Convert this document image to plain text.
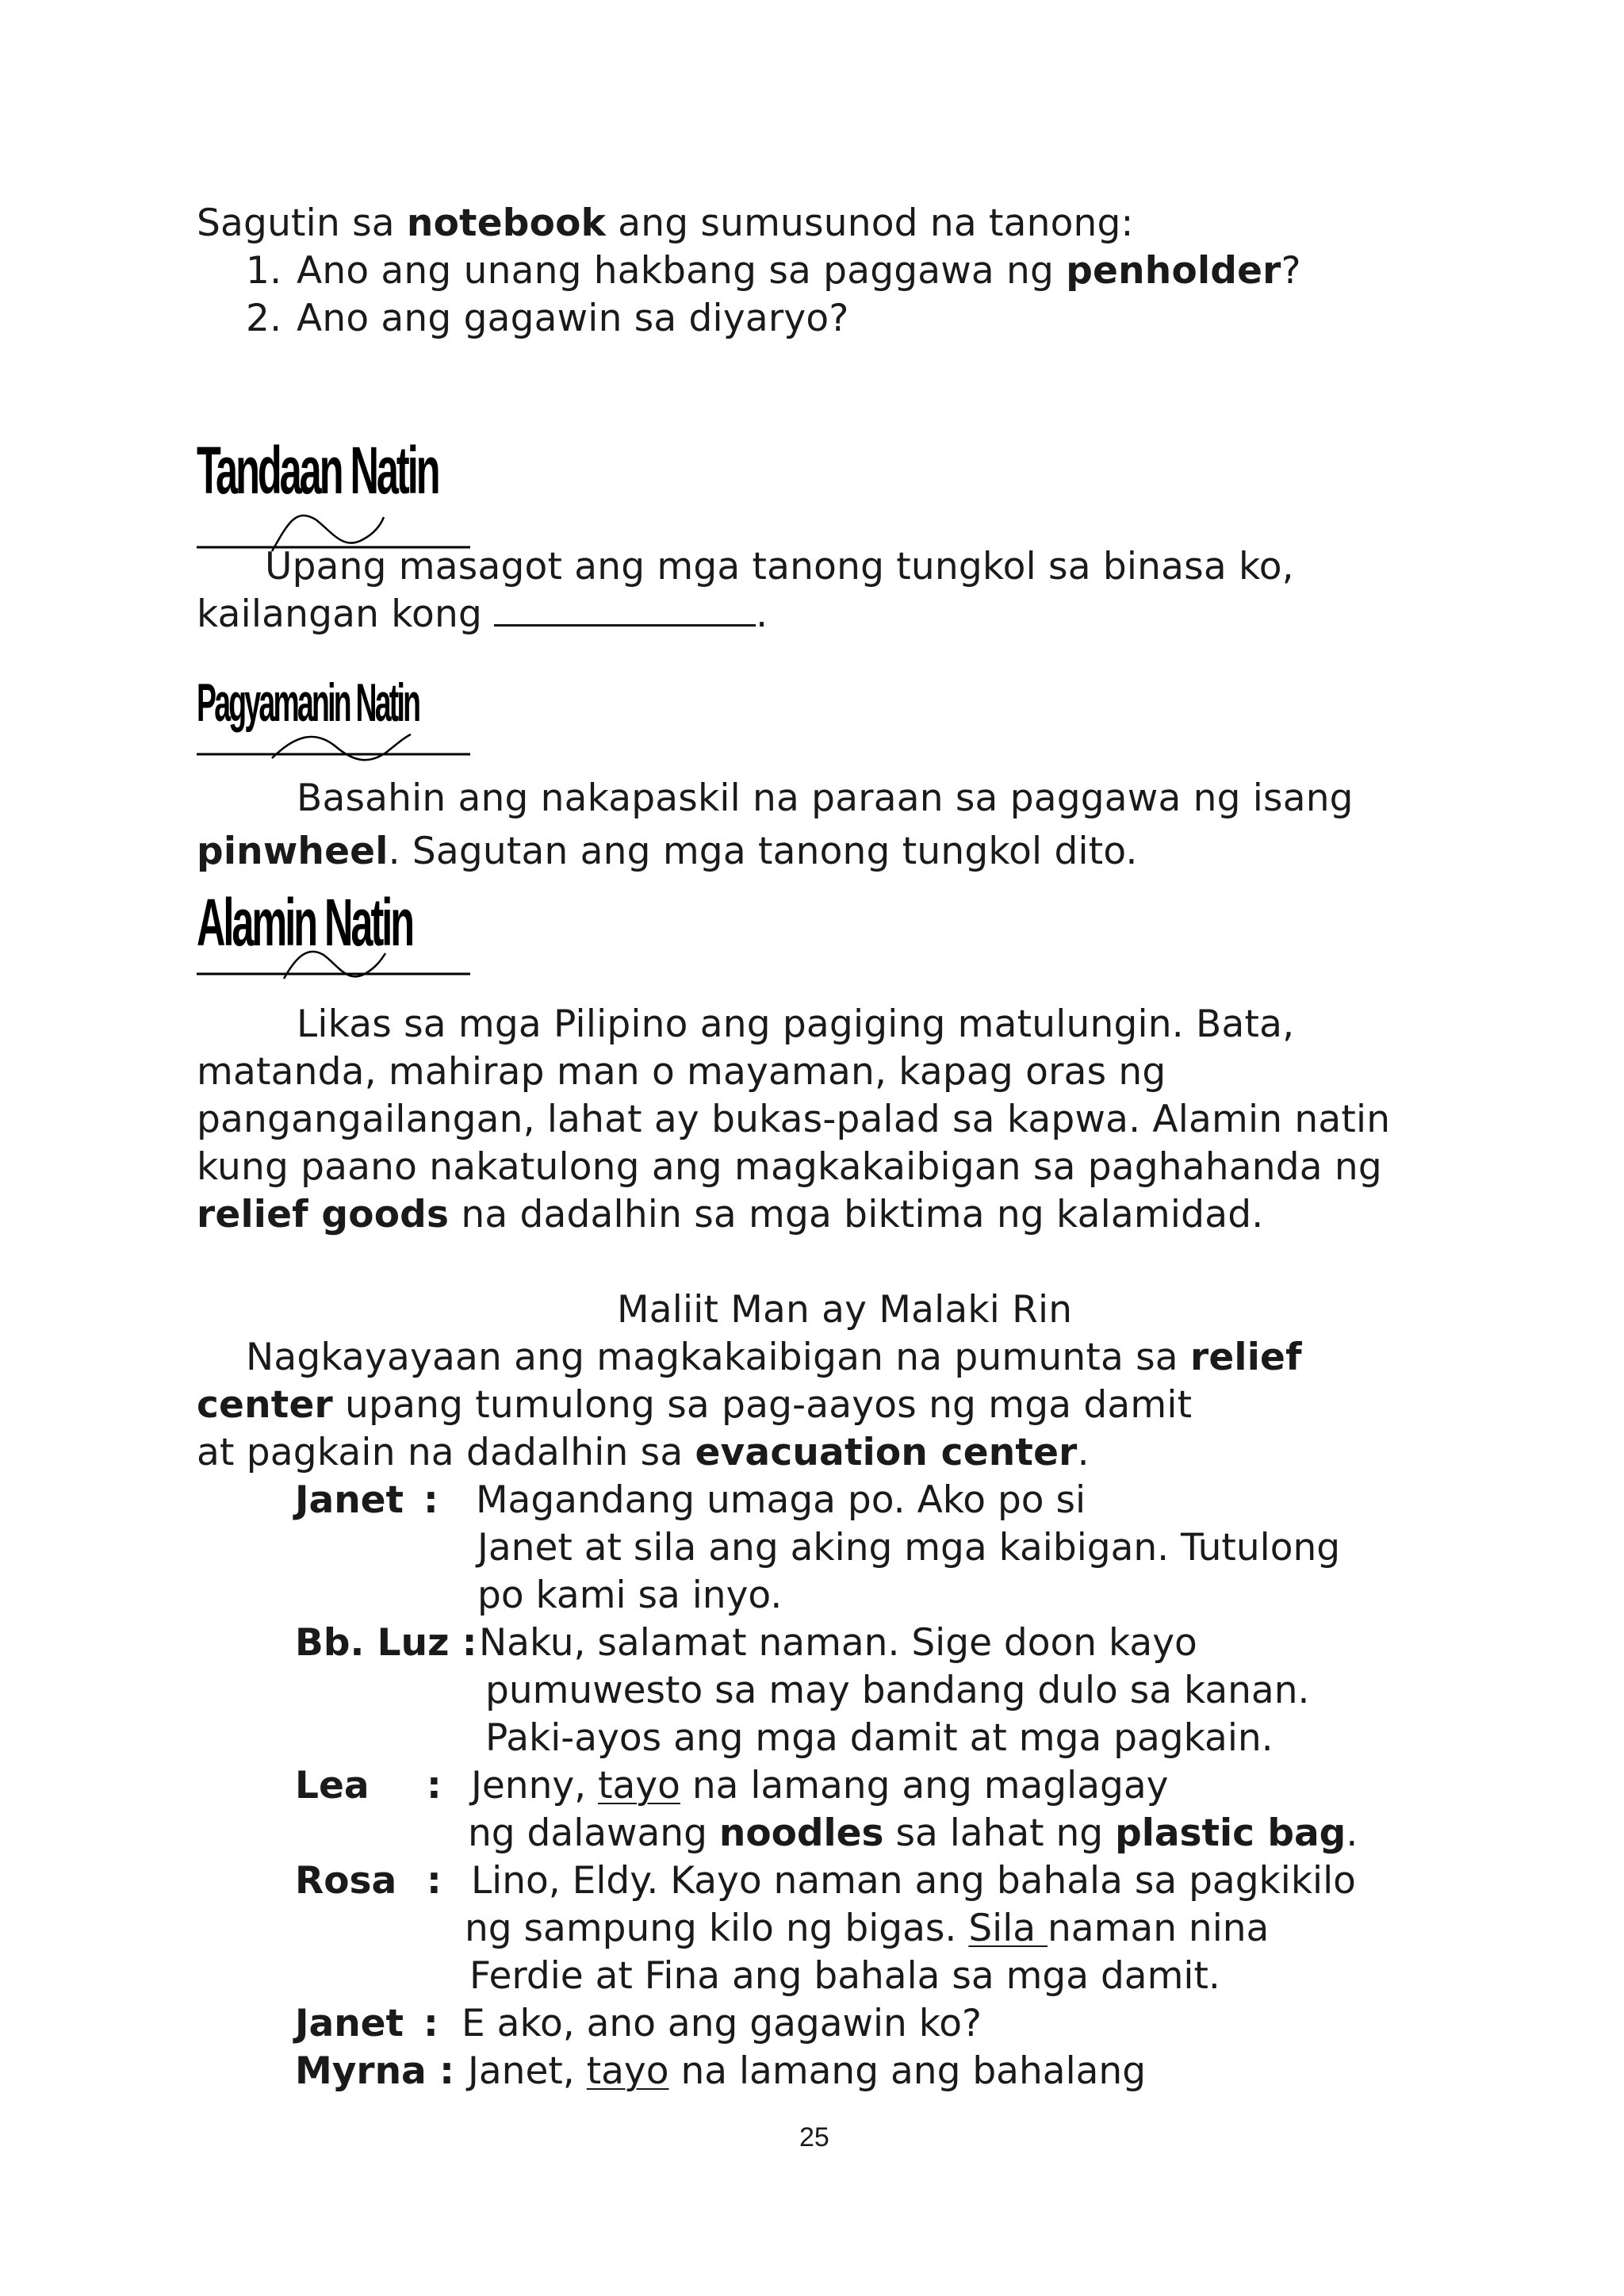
Sagutin sa notebook ang sumusunod na tanong:
1. Ano ang unang hakbang sa paggawa ng penholder?
2. Ano ang gagawin sa diyaryo?
Tandaan Natin
Upang masagot ang mga tanong tungkol sa binasa ko,
kailangan kong	.
Pagyamanin Natin
Basahin ang nakapaskil na paraan sa paggawa ng isang
pinwheel. Sagutan ang mga tanong tungkol dito.
Alamin Natin
Likas sa mga Pilipino ang pagiging matulungin. Bata,
matanda, mahirap man o mayaman, kapag oras ng
pangangailangan, lahat ay bukas-palad sa kapwa. Alamin natin
kung paano nakatulong ang magkakaibigan sa paghahanda ng
relief goods na dadalhin sa mga biktima ng kalamidad.
Maliit Man ay Malaki Rin
Nagkayayaan ang magkakaibigan na pumunta sa relief
center upang tumulong sa pag-aayos ng mga damit
at pagkain na dadalhin sa evacuation center.
Janet : Magandang umaga po. Ako po si
Janet at sila ang aking mga kaibigan. Tutulong
po kami sa inyo.
Bb. Luz : Naku, salamat naman. Sige doon kayo
pumuwesto sa may bandang dulo sa kanan.
Paki-ayos ang mga damit at mga pagkain.
Lea : Jenny, tayo na lamang ang maglagay
ng dalawang noodles sa lahat ng plastic bag.
Rosa : Lino, Eldy. Kayo naman ang bahala sa pagkikilo
ng sampung kilo ng bigas. Sila naman nina
Ferdie at Fina ang bahala sa mga damit.
Janet : E ako, ano ang gagawin ko?
Myrna : Janet, tayo na lamang ang bahalang
25
